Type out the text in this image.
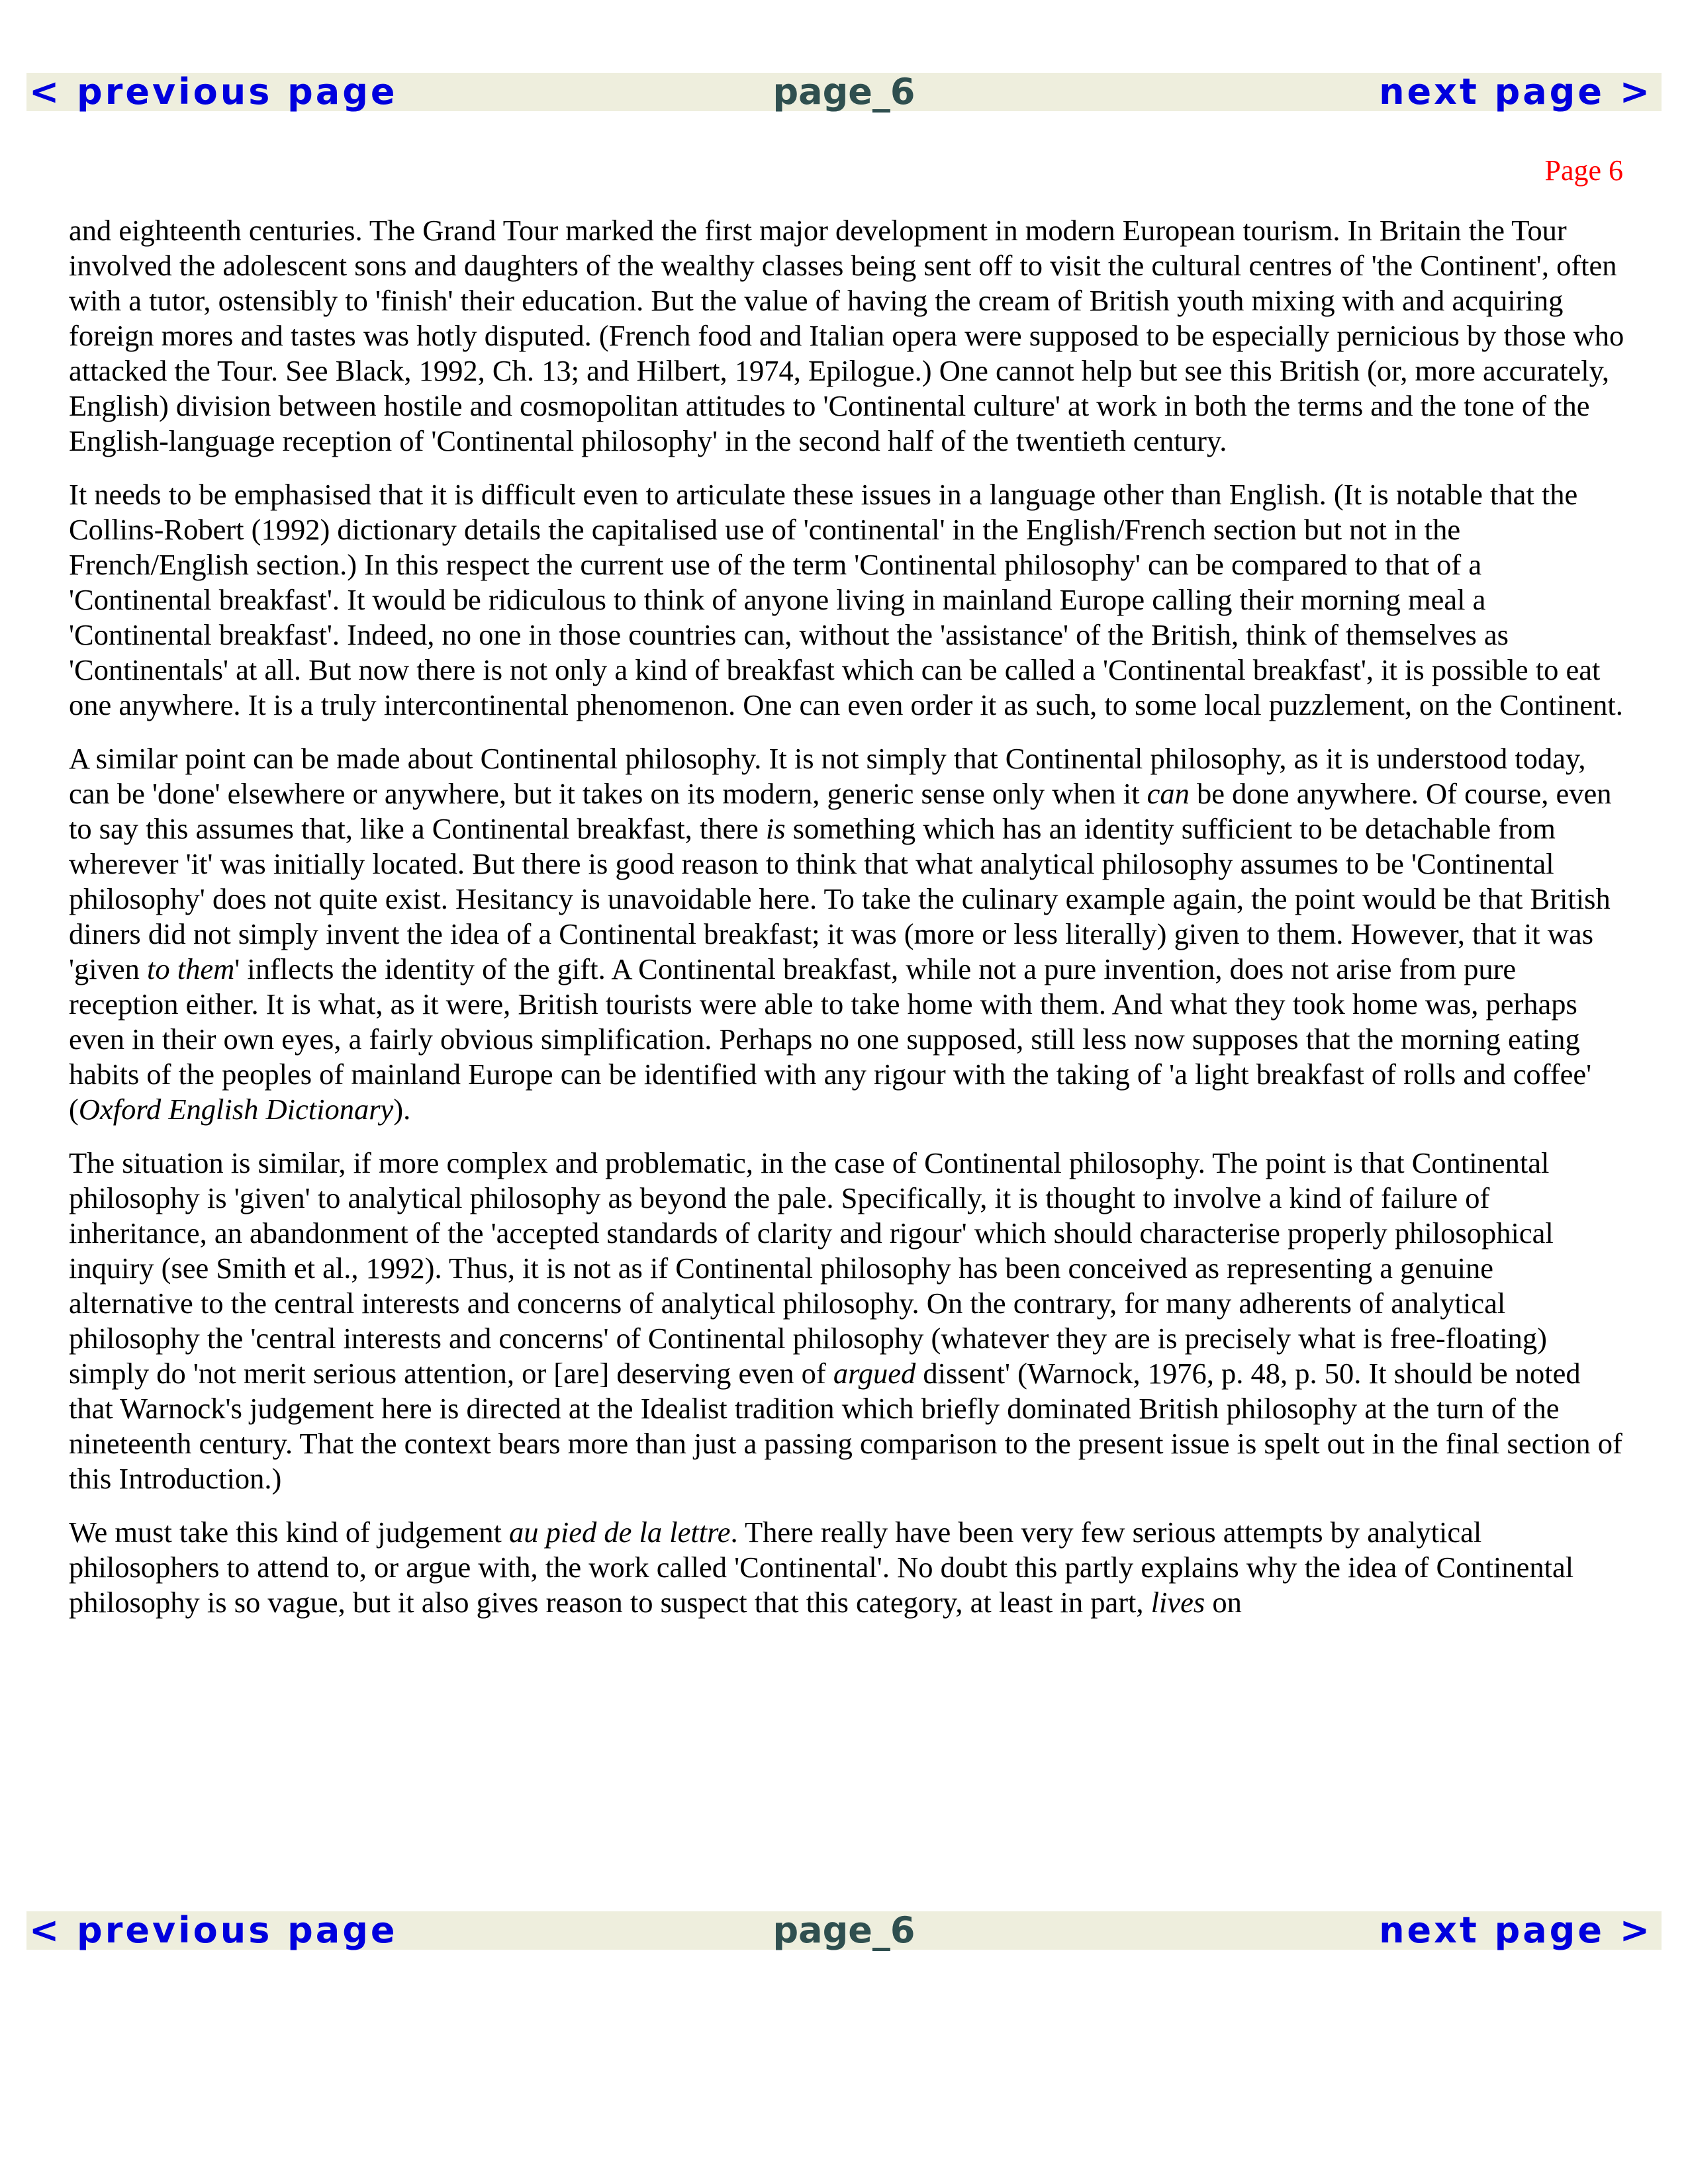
page_6
< previous page	next page >
Page 6

and eighteenth centuries. The Grand Tour marked the first major development in modern European tourism. In Britain the Tour involved the adolescent sons and daughters of the wealthy classes being sent off to visit the cultural centres of 'the Continent', often with a tutor, ostensibly to 'finish' their education. But the value of having the cream of British youth mixing with and acquiring foreign mores and tastes was hotly disputed. (French food and Italian opera were supposed to be especially pernicious by those who attacked the Tour. See Black, 1992, Ch. 13; and Hilbert, 1974, Epilogue.) One cannot help but see this British (or, more accurately, English) division between hostile and cosmopolitan attitudes to 'Continental culture' at work in both the terms and the tone of the English-language reception of 'Continental philosophy' in the second half of the twentieth century.

It needs to be emphasised that it is difficult even to articulate these issues in a language other than English. (It is notable that the Collins-Robert (1992) dictionary details the capitalised use of 'continental' in the English/French section but not in the French/English section.) In this respect the current use of the term 'Continental philosophy' can be compared to that of a 'Continental breakfast'. It would be ridiculous to think of anyone living in mainland Europe calling their morning meal a 'Continental breakfast'. Indeed, no one in those countries can, without the 'assistance' of the British, think of themselves as 'Continentals' at all. But now there is not only a kind of breakfast which can be called a 'Continental breakfast', it is possible to eat one anywhere. It is a truly intercontinental phenomenon. One can even order it as such, to some local puzzlement, on the Continent.

A similar point can be made about Continental philosophy. It is not simply that Continental philosophy, as it is understood today, can be 'done' elsewhere or anywhere, but it takes on its modern, generic sense only when it can be done anywhere. Of course, even to say this assumes that, like a Continental breakfast, there is something which has an identity sufficient to be detachable from wherever 'it' was initially located. But there is good reason to think that what analytical philosophy assumes to be 'Continental philosophy' does not quite exist. Hesitancy is unavoidable here. To take the culinary example again, the point would be that British diners did not simply invent the idea of a Continental breakfast; it was (more or less literally) given to them. However, that it was 'given to them' inflects the identity of the gift. A Continental breakfast, while not a pure invention, does not arise from pure reception either. It is what, as it were, British tourists were able to take home with them. And what they took home was, perhaps even in their own eyes, a fairly obvious simplification. Perhaps no one supposed, still less now supposes that the morning eating habits of the peoples of mainland Europe can be identified with any rigour with the taking of 'a light breakfast of rolls and coffee' (Oxford English Dictionary).

The situation is similar, if more complex and problematic, in the case of Continental philosophy. The point is that Continental philosophy is 'given' to analytical philosophy as beyond the pale. Specifically, it is thought to involve a kind of failure of inheritance, an abandonment of the 'accepted standards of clarity and rigour' which should characterise properly philosophical inquiry (see Smith et al., 1992). Thus, it is not as if Continental philosophy has been conceived as representing a genuine alternative to the central interests and concerns of analytical philosophy. On the contrary, for many adherents of analytical philosophy the 'central interests and concerns' of Continental philosophy (whatever they are is precisely what is free-floating) simply do 'not merit serious attention, or [are] deserving even of argued dissent' (Warnock, 1976, p. 48, p. 50. It should be noted that Warnock's judgement here is directed at the Idealist tradition which briefly dominated British philosophy at the turn of the nineteenth century. That the context bears more than just a passing comparison to the present issue is spelt out in the final section of this Introduction.)

We must take this kind of judgement au pied de la lettre. There really have been very few serious attempts by analytical philosophers to attend to, or argue with, the work called 'Continental'. No doubt this partly explains why the idea of Continental philosophy is so vague, but it also gives reason to suspect that this category, at least in part, lives on

page_6
< previous page	next page >
